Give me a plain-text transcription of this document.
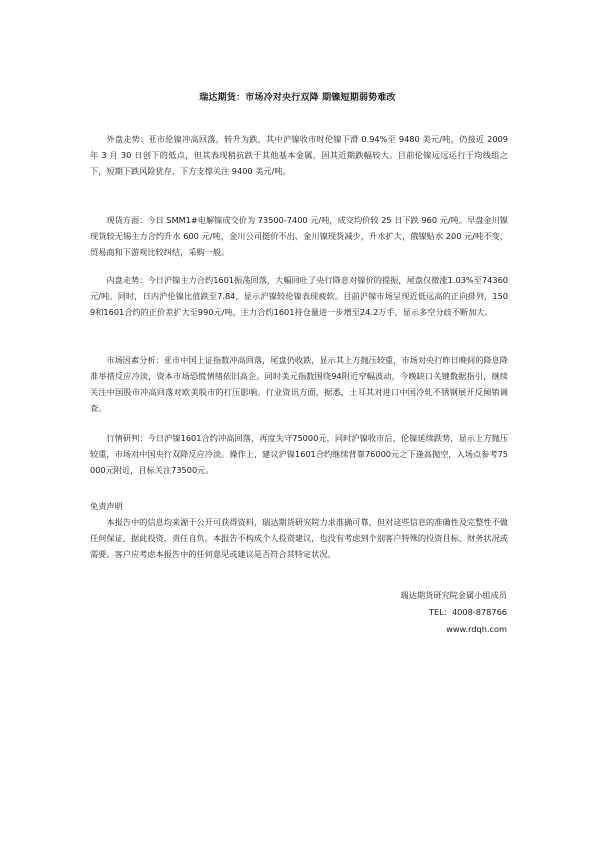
瑞达期货：市场冷对央行双降 期镍短期弱势难改

外盘走势：亚市伦镍冲高回落，转升为跌，其中沪镍收市时伦镍下滑 0.94%至 9480 美元/吨，仍接近 2009 年 3 月 30 日创下的低点，但其表现稍抗跌于其他基本金属，因其近期跌幅较大。目前伦镍远远运行于均线组之下，短期下跌风险犹存，下方支撑关注 9400 美元/吨。

现货方面：今日 SMM1#电解镍成交价为 73500-7400 元/吨，成交均价较 25 日下跌 960 元/吨。早盘金川镍现货较无锡主力合约升水 600 元/吨，金川公司挺价不出，金川镍现货减少，升水扩大，俄镍贴水 200 元/吨不变，贸易商和下游观比较纠结，采购一般。

内盘走势：今日沪镍主力合约1601振荡回落，大幅回吐了央行降息对镍价的提振，尾盘仅微涨1.03%至74360元/吨。同时，日内沪伦镍比值跌至7.84，显示沪镍较伦镍表现疲软。目前沪镍市场呈现近低远高的正向排列，1509和1601合约的正价差扩大至990元/吨，主力合约1601持仓量进一步增至24.2万手，显示多空分歧不断加大。

市场因素分析：亚市中国上证指数冲高回落，尾盘仍收跌，显示其上方抛压较重，市场对央行昨日晚间的降息降准举措反应冷淡，资本市场恐慌情绪依旧高企。同时美元指数围绕94附近窄幅波动，今晚缺口关键数据指引，继续关注中国股市冲高回落对欧美股市的打压影响。行业资讯方面，据悉，土耳其对进口中国冷轧不锈钢展开反倾销调查。

行情研判：今日沪镍1601合约冲高回落，再度失守75000元，同时沪镍收市后，伦镍延续跌势，显示上方抛压较重，市场对中国央行双降反应冷淡。操作上，建议沪镍1601合约继续背靠76000元之下逢高抛空，入场点参考75000元附近，目标关注73500元。

免责声明

本报告中的信息均来源于公开可获得资料，瑞达期货研究院力求准确可靠，但对这些信息的准确性及完整性不做任何保证，据此投资，责任自负。本报告不构成个人投资建议，也没有考虑到个别客户特殊的投资目标、财务状况或需要。客户应考虑本报告中的任何意见或建议是否符合其特定状况。

瑞达期货研究院金属小组成员
TEL：4008-878766
www.rdqh.com
